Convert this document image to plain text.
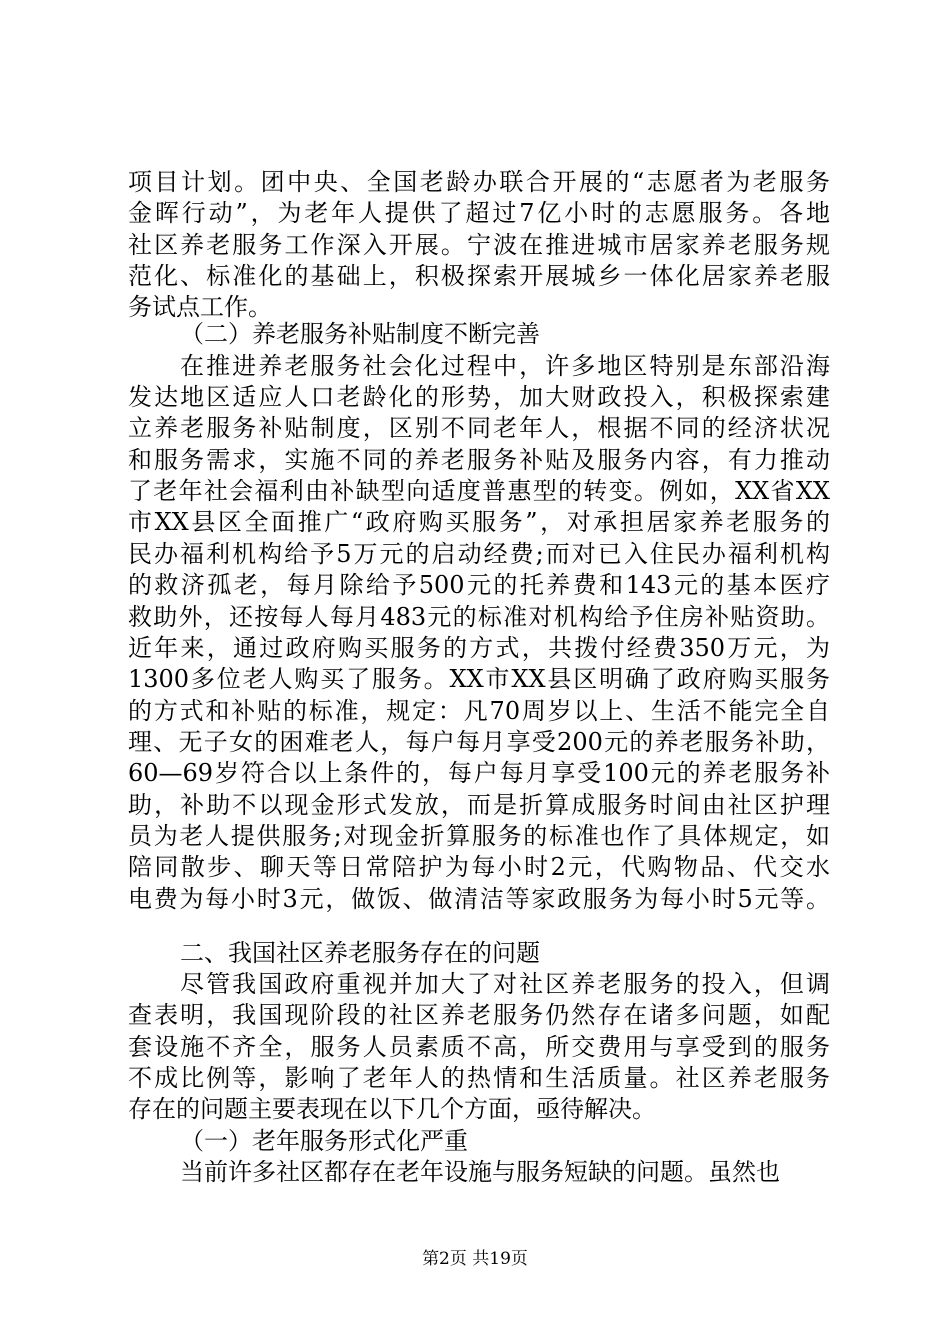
项目计划。团中央、全国老龄办联合开展的“志愿者为老服务
金晖行动”，为老年人提供了超过7亿小时的志愿服务。各地
社区养老服务工作深入开展。宁波在推进城市居家养老服务规
范化、标准化的基础上，积极探索开展城乡一体化居家养老服
务试点工作。
（二）养老服务补贴制度不断完善
在推进养老服务社会化过程中，许多地区特别是东部沿海
发达地区适应人口老龄化的形势，加大财政投入，积极探索建
立养老服务补贴制度，区别不同老年人，根据不同的经济状况
和服务需求，实施不同的养老服务补贴及服务内容，有力推动
了老年社会福利由补缺型向适度普惠型的转变。例如，XX省XX
市XX县区全面推广“政府购买服务”，对承担居家养老服务的
民办福利机构给予5万元的启动经费;而对已入住民办福利机构
的救济孤老，每月除给予500元的托养费和143元的基本医疗
救助外，还按每人每月483元的标准对机构给予住房补贴资助。
近年来，通过政府购买服务的方式，共拨付经费350万元，为
1300多位老人购买了服务。XX市XX县区明确了政府购买服务
的方式和补贴的标准，规定：凡70周岁以上、生活不能完全自
理、无子女的困难老人，每户每月享受200元的养老服务补助，
60—69岁符合以上条件的，每户每月享受100元的养老服务补
助，补助不以现金形式发放，而是折算成服务时间由社区护理
员为老人提供服务;对现金折算服务的标准也作了具体规定，如
陪同散步、聊天等日常陪护为每小时2元，代购物品、代交水
电费为每小时3元，做饭、做清洁等家政服务为每小时5元等。
二、我国社区养老服务存在的问题
尽管我国政府重视并加大了对社区养老服务的投入，但调
查表明，我国现阶段的社区养老服务仍然存在诸多问题，如配
套设施不齐全，服务人员素质不高，所交费用与享受到的服务
不成比例等，影响了老年人的热情和生活质量。社区养老服务
存在的问题主要表现在以下几个方面，亟待解决。
（一）老年服务形式化严重
当前许多社区都存在老年设施与服务短缺的问题。虽然也
第2页 共19页
